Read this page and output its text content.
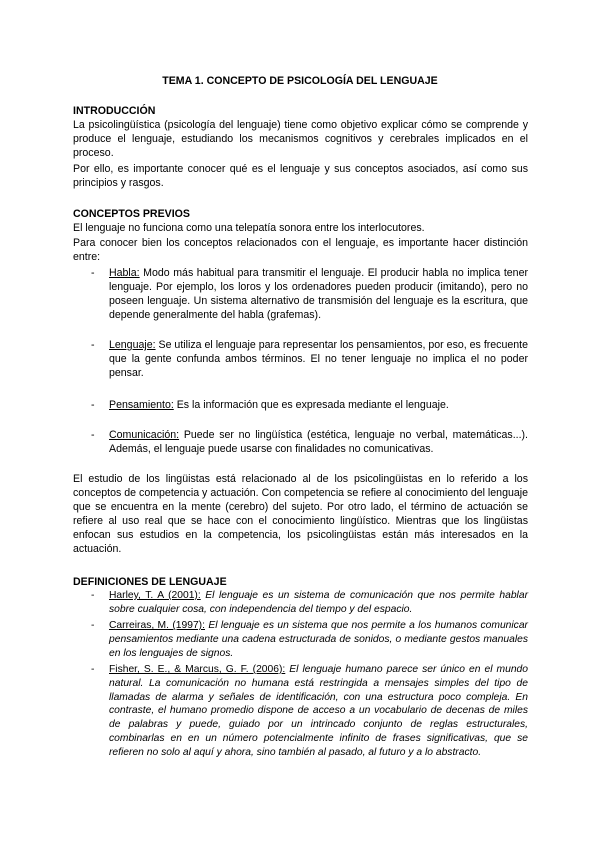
TEMA 1. CONCEPTO DE PSICOLOGÍA DEL LENGUAJE
INTRODUCCIÓN

La psicolingüística (psicología del lenguaje) tiene como objetivo explicar cómo se comprende y produce el lenguaje, estudiando los mecanismos cognitivos y cerebrales implicados en el proceso.

Por ello, es importante conocer qué es el lenguaje y sus conceptos asociados, así como sus principios y rasgos.

CONCEPTOS PREVIOS

El lenguaje no funciona como una telepatía sonora entre los interlocutores.

Para conocer bien los conceptos relacionados con el lenguaje, es importante hacer distinción entre:

- Habla: Modo más habitual para transmitir el lenguaje. El producir habla no implica tener lenguaje. Por ejemplo, los loros y los ordenadores pueden producir (imitando), pero no poseen lenguaje. Un sistema alternativo de transmisión del lenguaje es la escritura, que depende generalmente del habla (grafemas).
- Lenguaje: Se utiliza el lenguaje para representar los pensamientos, por eso, es frecuente que la gente confunda ambos términos. El no tener lenguaje no implica el no poder pensar.
- Pensamiento: Es la información que es expresada mediante el lenguaje.
- Comunicación: Puede ser no lingüística (estética, lenguaje no verbal, matemáticas...). Además, el lenguaje puede usarse con finalidades no comunicativas.

El estudio de los lingüistas está relacionado al de los psicolingüistas en lo referido a los conceptos de competencia y actuación. Con competencia se refiere al conocimiento del lenguaje que se encuentra en la mente (cerebro) del sujeto. Por otro lado, el término de actuación se refiere al uso real que se hace con el conocimiento lingüístico. Mientras que los lingüistas enfocan sus estudios en la competencia, los psicolingüistas están más interesados en la actuación.

DEFINICIONES DE LENGUAJE
- Harley, T. A (2001): El lenguaje es un sistema de comunicación que nos permite hablar sobre cualquier cosa, con independencia del tiempo y del espacio.
- Carreiras, M. (1997): El lenguaje es un sistema que nos permite a los humanos comunicar pensamientos mediante una cadena estructurada de sonidos, o mediante gestos manuales en los lenguajes de signos.
- Fisher, S. E., & Marcus, G. F. (2006): El lenguaje humano parece ser único en el mundo natural. La comunicación no humana está restringida a mensajes simples del tipo de llamadas de alarma y señales de identificación, con una estructura poco compleja. En contraste, el humano promedio dispone de acceso a un vocabulario de decenas de miles de palabras y puede, guiado por un intrincado conjunto de reglas estructurales, combinarlas en en un número potencialmente infinito de frases significativas, que se refieren no solo al aquí y ahora, sino también al pasado, al futuro y a lo abstracto.
